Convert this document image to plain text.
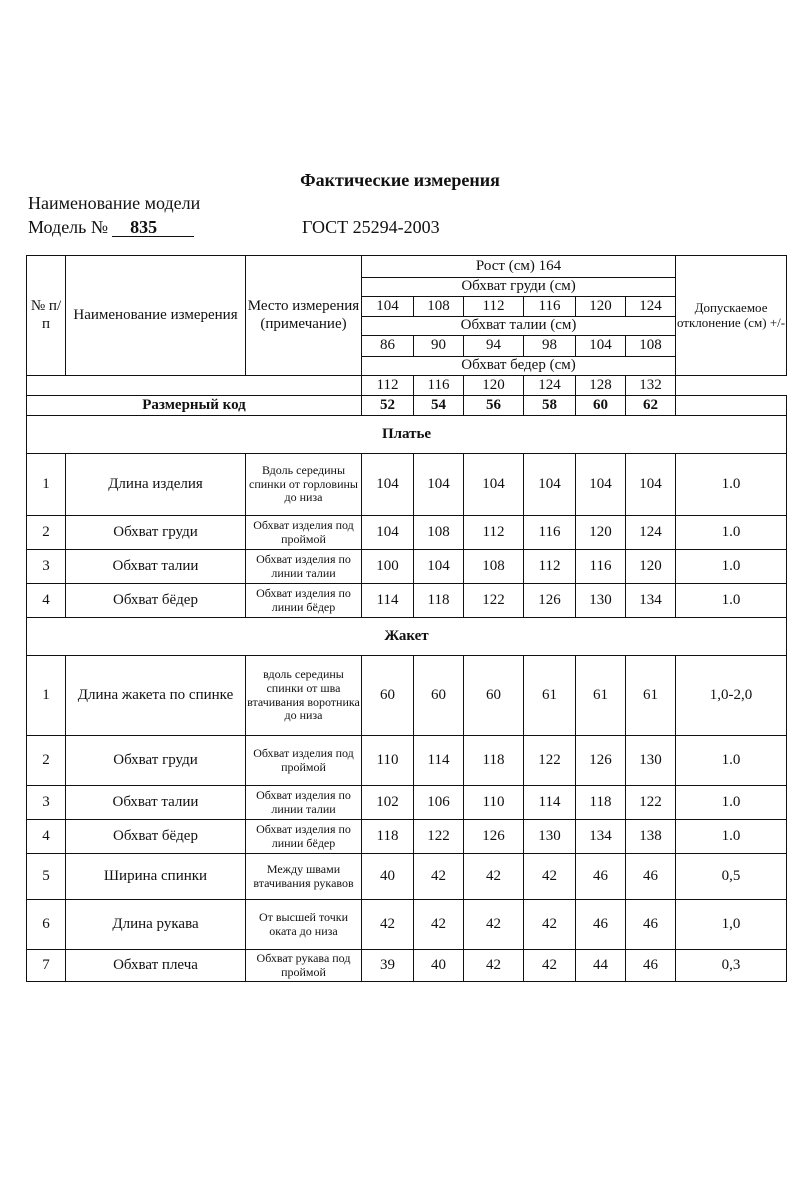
Фактические измерения
Наименование модели
Модель № 835	ГОСТ 25294-2003
№ п/п	Наименование измерения	Место измерения (примечание)	Рост (см) 164						Допускаемое отклонение (см) +/-
			Обхват груди (см)						
			104	108	112	116	120	124	
			Обхват талии (см)						
			86	90	94	98	104	108	
			Обхват бедер (см)						
			112	116	120	124	128	132	
Размерный код			52	54	56	58	60	62	
Платье									
1	Длина изделия	Вдоль середины спинки от горловины до низа	104	104	104	104	104	104	1.0
2	Обхват груди	Обхват изделия под проймой	104	108	112	116	120	124	1.0
3	Обхват талии	Обхват изделия по линии талии	100	104	108	112	116	120	1.0
4	Обхват бёдер	Обхват изделия по линии бёдер	114	118	122	126	130	134	1.0
Жакет									
1	Длина жакета по спинке	вдоль середины спинки от шва втачивания воротника до низа	60	60	60	61	61	61	1,0-2,0
2	Обхват груди	Обхват изделия под проймой	110	114	118	122	126	130	1.0
3	Обхват талии	Обхват изделия по линии талии	102	106	110	114	118	122	1.0
4	Обхват бёдер	Обхват изделия по линии бёдер	118	122	126	130	134	138	1.0
5	Ширина спинки	Между швами втачивания рукавов	40	42	42	42	46	46	0,5
6	Длина рукава	От высшей точки оката до низа	42	42	42	42	46	46	1,0
7	Обхват плеча	Обхват рукава под проймой	39	40	42	42	44	46	0,3
